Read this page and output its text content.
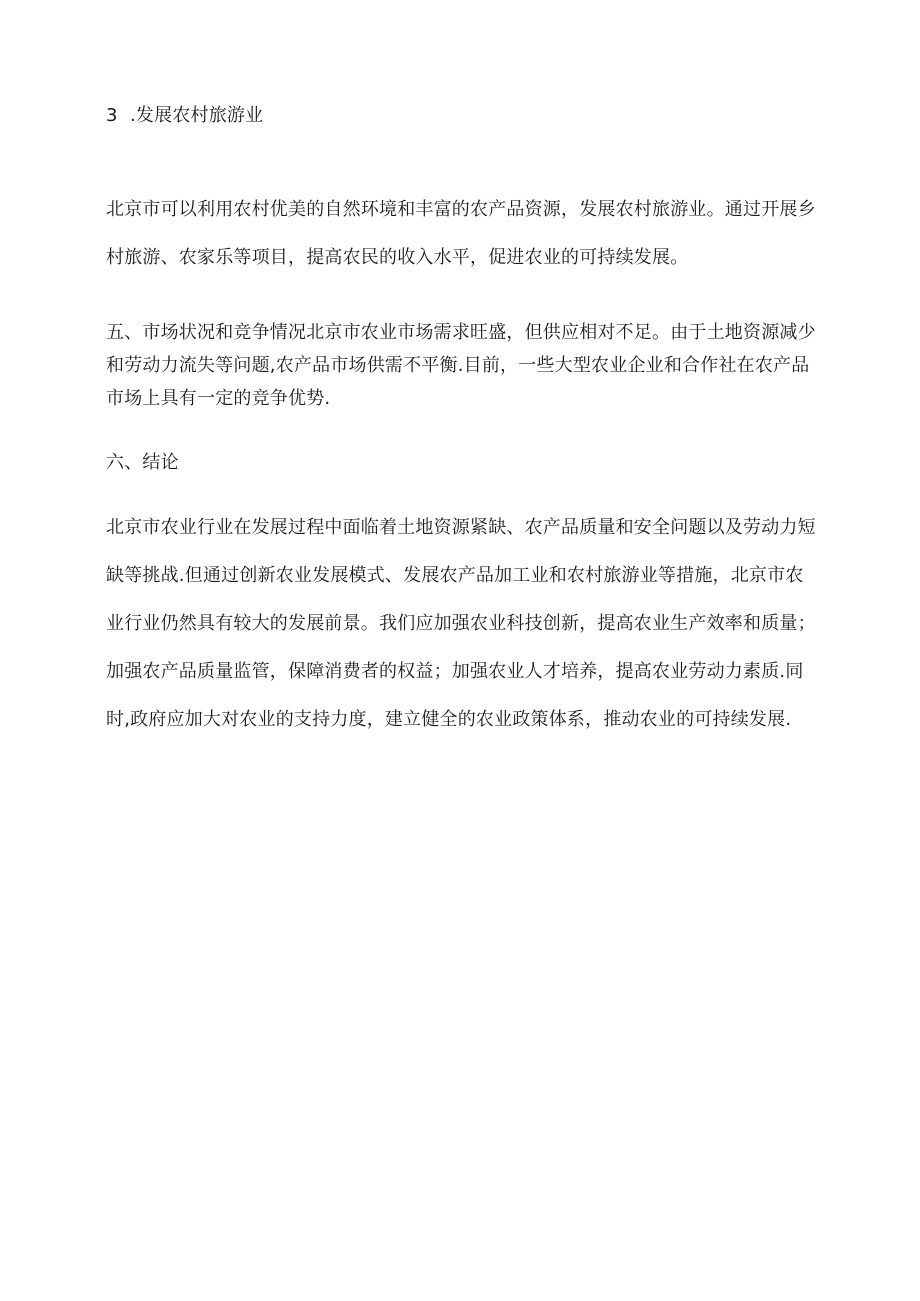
3 .发展农村旅游业

北京市可以利用农村优美的自然环境和丰富的农产品资源，发展农村旅游业。通过开展乡村旅游、农家乐等项目，提高农民的收入水平，促进农业的可持续发展。

五、市场状况和竞争情况北京市农业市场需求旺盛，但供应相对不足。由于土地资源减少和劳动力流失等问题,农产品市场供需不平衡.目前，一些大型农业企业和合作社在农产品市场上具有一定的竞争优势.

六、结论

北京市农业行业在发展过程中面临着土地资源紧缺、农产品质量和安全问题以及劳动力短缺等挑战.但通过创新农业发展模式、发展农产品加工业和农村旅游业等措施，北京市农业行业仍然具有较大的发展前景。我们应加强农业科技创新，提高农业生产效率和质量；加强农产品质量监管，保障消费者的权益；加强农业人才培养，提高农业劳动力素质.同时,政府应加大对农业的支持力度，建立健全的农业政策体系，推动农业的可持续发展.
